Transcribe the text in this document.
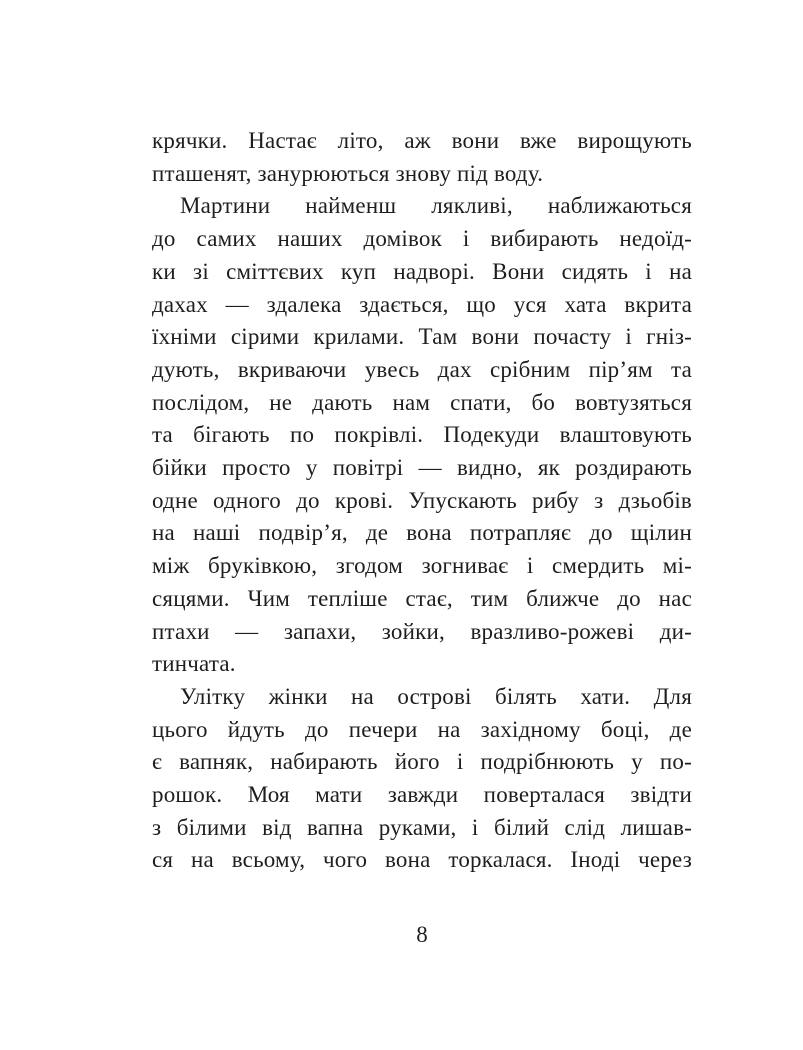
крячки. Настає літо, аж вони вже вирощують
пташенят, занурюються знову під воду.
Мартини найменш лякливі, наближаються
до самих наших домівок і вибирають недоїд-
ки зі сміттєвих куп надворі. Вони сидять і на
дахах — здалека здається, що уся хата вкрита
їхніми сірими крилами. Там вони почасту і гніз-
дують, вкриваючи увесь дах срібним пір’ям та
послідом, не дають нам спати, бо вовтузяться
та бігають по покрівлі. Подекуди влаштовують
бійки просто у повітрі — видно, як роздирають
одне одного до крові. Упускають рибу з дзьобів
на наші подвір’я, де вона потрапляє до щілин
між бруківкою, згодом зогниває і смердить мі-
сяцями. Чим тепліше стає, тим ближче до нас
птахи — запахи, зойки, вразливо-рожеві ди-
тинчата.
Улітку жінки на острові білять хати. Для
цього йдуть до печери на західному боці, де
є вапняк, набирають його і подрібнюють у по-
рошок. Моя мати завжди поверталася звідти
з білими від вапна руками, і білий слід лишав-
ся на всьому, чого вона торкалася. Іноді через
8
